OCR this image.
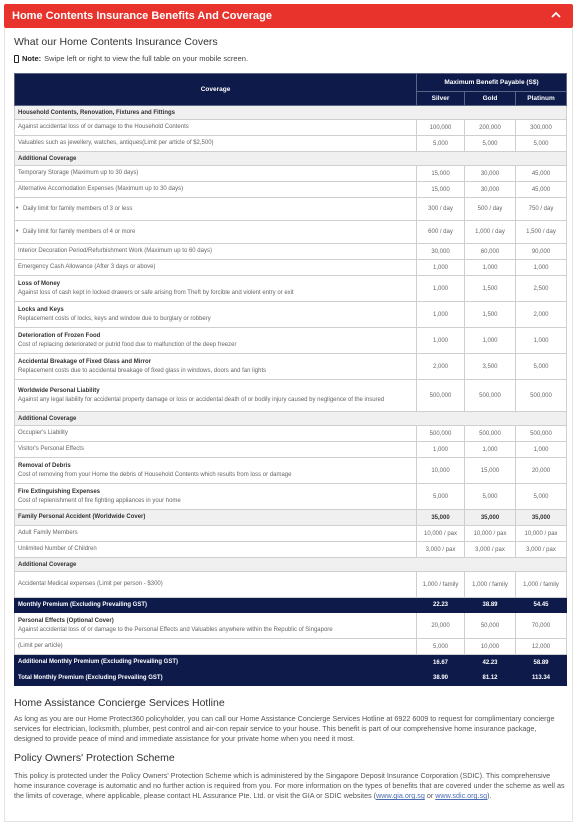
Home Contents Insurance Benefits And Coverage
What our Home Contents Insurance Covers
Note: Swipe left or right to view the full table on your mobile screen.
Coverage	Maximum Benefit Payable (S$)		
	Silver	Gold	Platinum
Household Contents, Renovation, Fixtures and Fittings			
Against accidental loss of or damage to the Household Contents	100,000	200,000	300,000
Valuables such as jewellery, watches, antiques(Limit per article of $2,500)	5,000	5,000	5,000
Additional Coverage			
Temporary Storage (Maximum up to 30 days)	15,000	30,000	45,000
Alternative Accomodation Expenses (Maximum up to 30 days)	15,000	30,000	45,000
• Daily limit for family members of 3 or less	300 / day	500 / day	750 / day
• Daily limit for family members of 4 or more	600 / day	1,000 / day	1,500 / day
Interior Decoration Period/Refurbishment Work (Maximum up to 60 days)	30,000	60,000	90,000
Emergency Cash Allowance (After 3 days or above)	1,000	1,000	1,000

Loss of Money
Against loss of cash kept in locked drawers or safe arising from Theft by forcible and violent entry or exit	1,000	1,500	2,500

Locks and Keys
Replacement costs of locks, keys and window due to burglary or robbery	1,000	1,500	2,000

Deterioration of Frozen Food
Cost of replacing deteriorated or putrid food due to malfunction of the deep freezer	1,000	1,000	1,000

Accidental Breakage of Fixed Glass and Mirror
Replacement costs due to accidental breakage of fixed glass in windows, doors and fan lights	2,000	3,500	5,000

Worldwide Personal Liability
Against any legal liability for accidental property damage or loss or accidental death of or bodily injury caused by negligence of the insured	500,000	500,000	500,000
Additional Coverage			
Occupier's Liability	500,000	500,000	500,000
Visitor's Personal Effects	1,000	1,000	1,000

Removal of Debris
Cost of removing from your Home the debris of Household Contents which results from loss or damage	10,000	15,000	20,000

Fire Extinguishing Expenses
Cost of replenishment of fire fighting appliances in your home	5,000	5,000	5,000
Family Personal Accident (Worldwide Cover)	35,000	35,000	35,000
Adult Family Members	10,000 / pax	10,000 / pax	10,000 / pax
Unlimited Number of Children	3,000 / pax	3,000 / pax	3,000 / pax
Additional Coverage			
Accidental Medical expenses (Limit per person - $300)	1,000 / family	1,000 / family	1,000 / family
Monthly Premium (Excluding Prevailing GST)	22.23	38.89	54.45

Personal Effects (Optional Cover)
Against accidental loss of or damage to the Personal Effects and Valuables anywhere within the Republic of Singapore	20,000	50,000	70,000
(Limit per article)	5,000	10,000	12,000
Additional Monthly Premium (Excluding Prevailing GST)	16.67	42.23	58.89
Total Monthly Premium (Excluding Prevailing GST)	38.90	81.12	113.34
Home Assistance Concierge Services Hotline
As long as you are our Home Protect360 policyholder, you can call our Home Assistance Concierge Services Hotline at 6922 6009 to request for complimentary concierge services for electrician, locksmith, plumber, pest control and air-con repair service to your house. This benefit is part of our comprehensive home insurance package, designed to provide peace of mind and immediate assistance for your private home when you need it most.
Policy Owners' Protection Scheme
This policy is protected under the Policy Owners' Protection Scheme which is administered by the Singapore Deposit Insurance Corporation (SDIC). This comprehensive home insurance coverage is automatic and no further action is required from you. For more information on the types of benefits that are covered under the scheme as well as the limits of coverage, where applicable, please contact HL Assurance Pte. Ltd. or visit the GIA or SDIC websites (www.gia.org.sg or www.sdic.org.sg).
